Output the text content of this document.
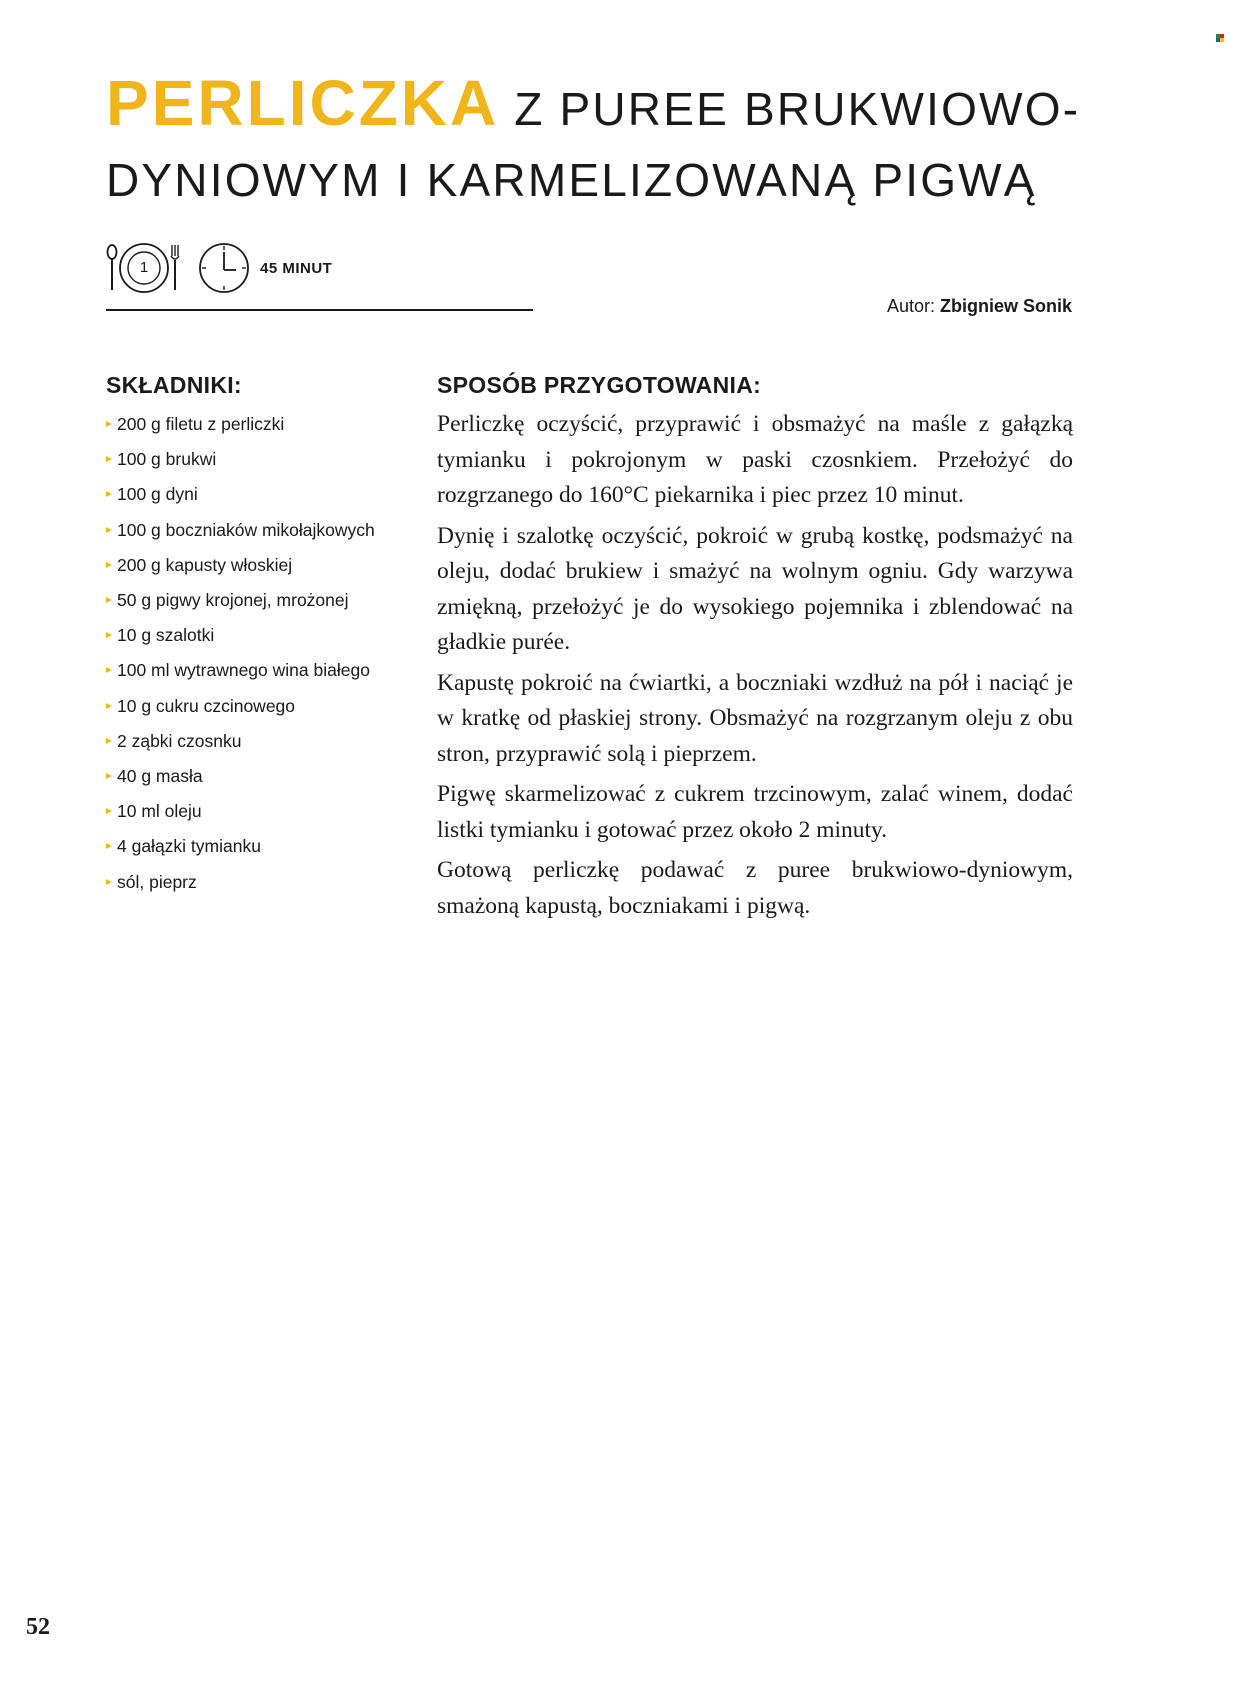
PERLICZKA Z PUREE BRUKWIOWO-DYNIOWYM I KARMELIZOWANĄ PIGWĄ
1	45 MINUT
Autor: Zbigniew Sonik
SKŁADNIKI:
200 g filetu z perliczki
100 g brukwi
100 g dyni
100 g boczniaków mikołajkowych
200 g kapusty włoskiej
50 g pigwy krojonej, mrożonej
10 g szalotki
100 ml wytrawnego wina białego
10 g cukru czcinowego
2 ząbki czosnku
40 g masła
10 ml oleju
4 gałązki tymianku
sól, pieprz
SPOSÓB PRZYGOTOWANIA:

Perliczkę oczyścić, przyprawić i obsmażyć na maśle z gałązką tymianku i pokrojonym w paski czosnkiem. Przełożyć do rozgrzanego do 160°C piekarnika i piec przez 10 minut.

Dynię i szalotkę oczyścić, pokroić w grubą kostkę, podsmażyć na oleju, dodać brukiew i smażyć na wolnym ogniu. Gdy warzywa zmiękną, przełożyć je do wysokiego pojemnika i zblendować na gładkie purée.

Kapustę pokroić na ćwiartki, a boczniaki wzdłuż na pół i naciąć je w kratkę od płaskiej strony. Obsmażyć na rozgrzanym oleju z obu stron, przyprawić solą i pieprzem.

Pigwę skarmelizować z cukrem trzcinowym, zalać winem, dodać listki tymianku i gotować przez około 2 minuty.

Gotową perliczkę podawać z puree brukwiowo-dyniowym, smażoną kapustą, boczniakami i pigwą.

52
